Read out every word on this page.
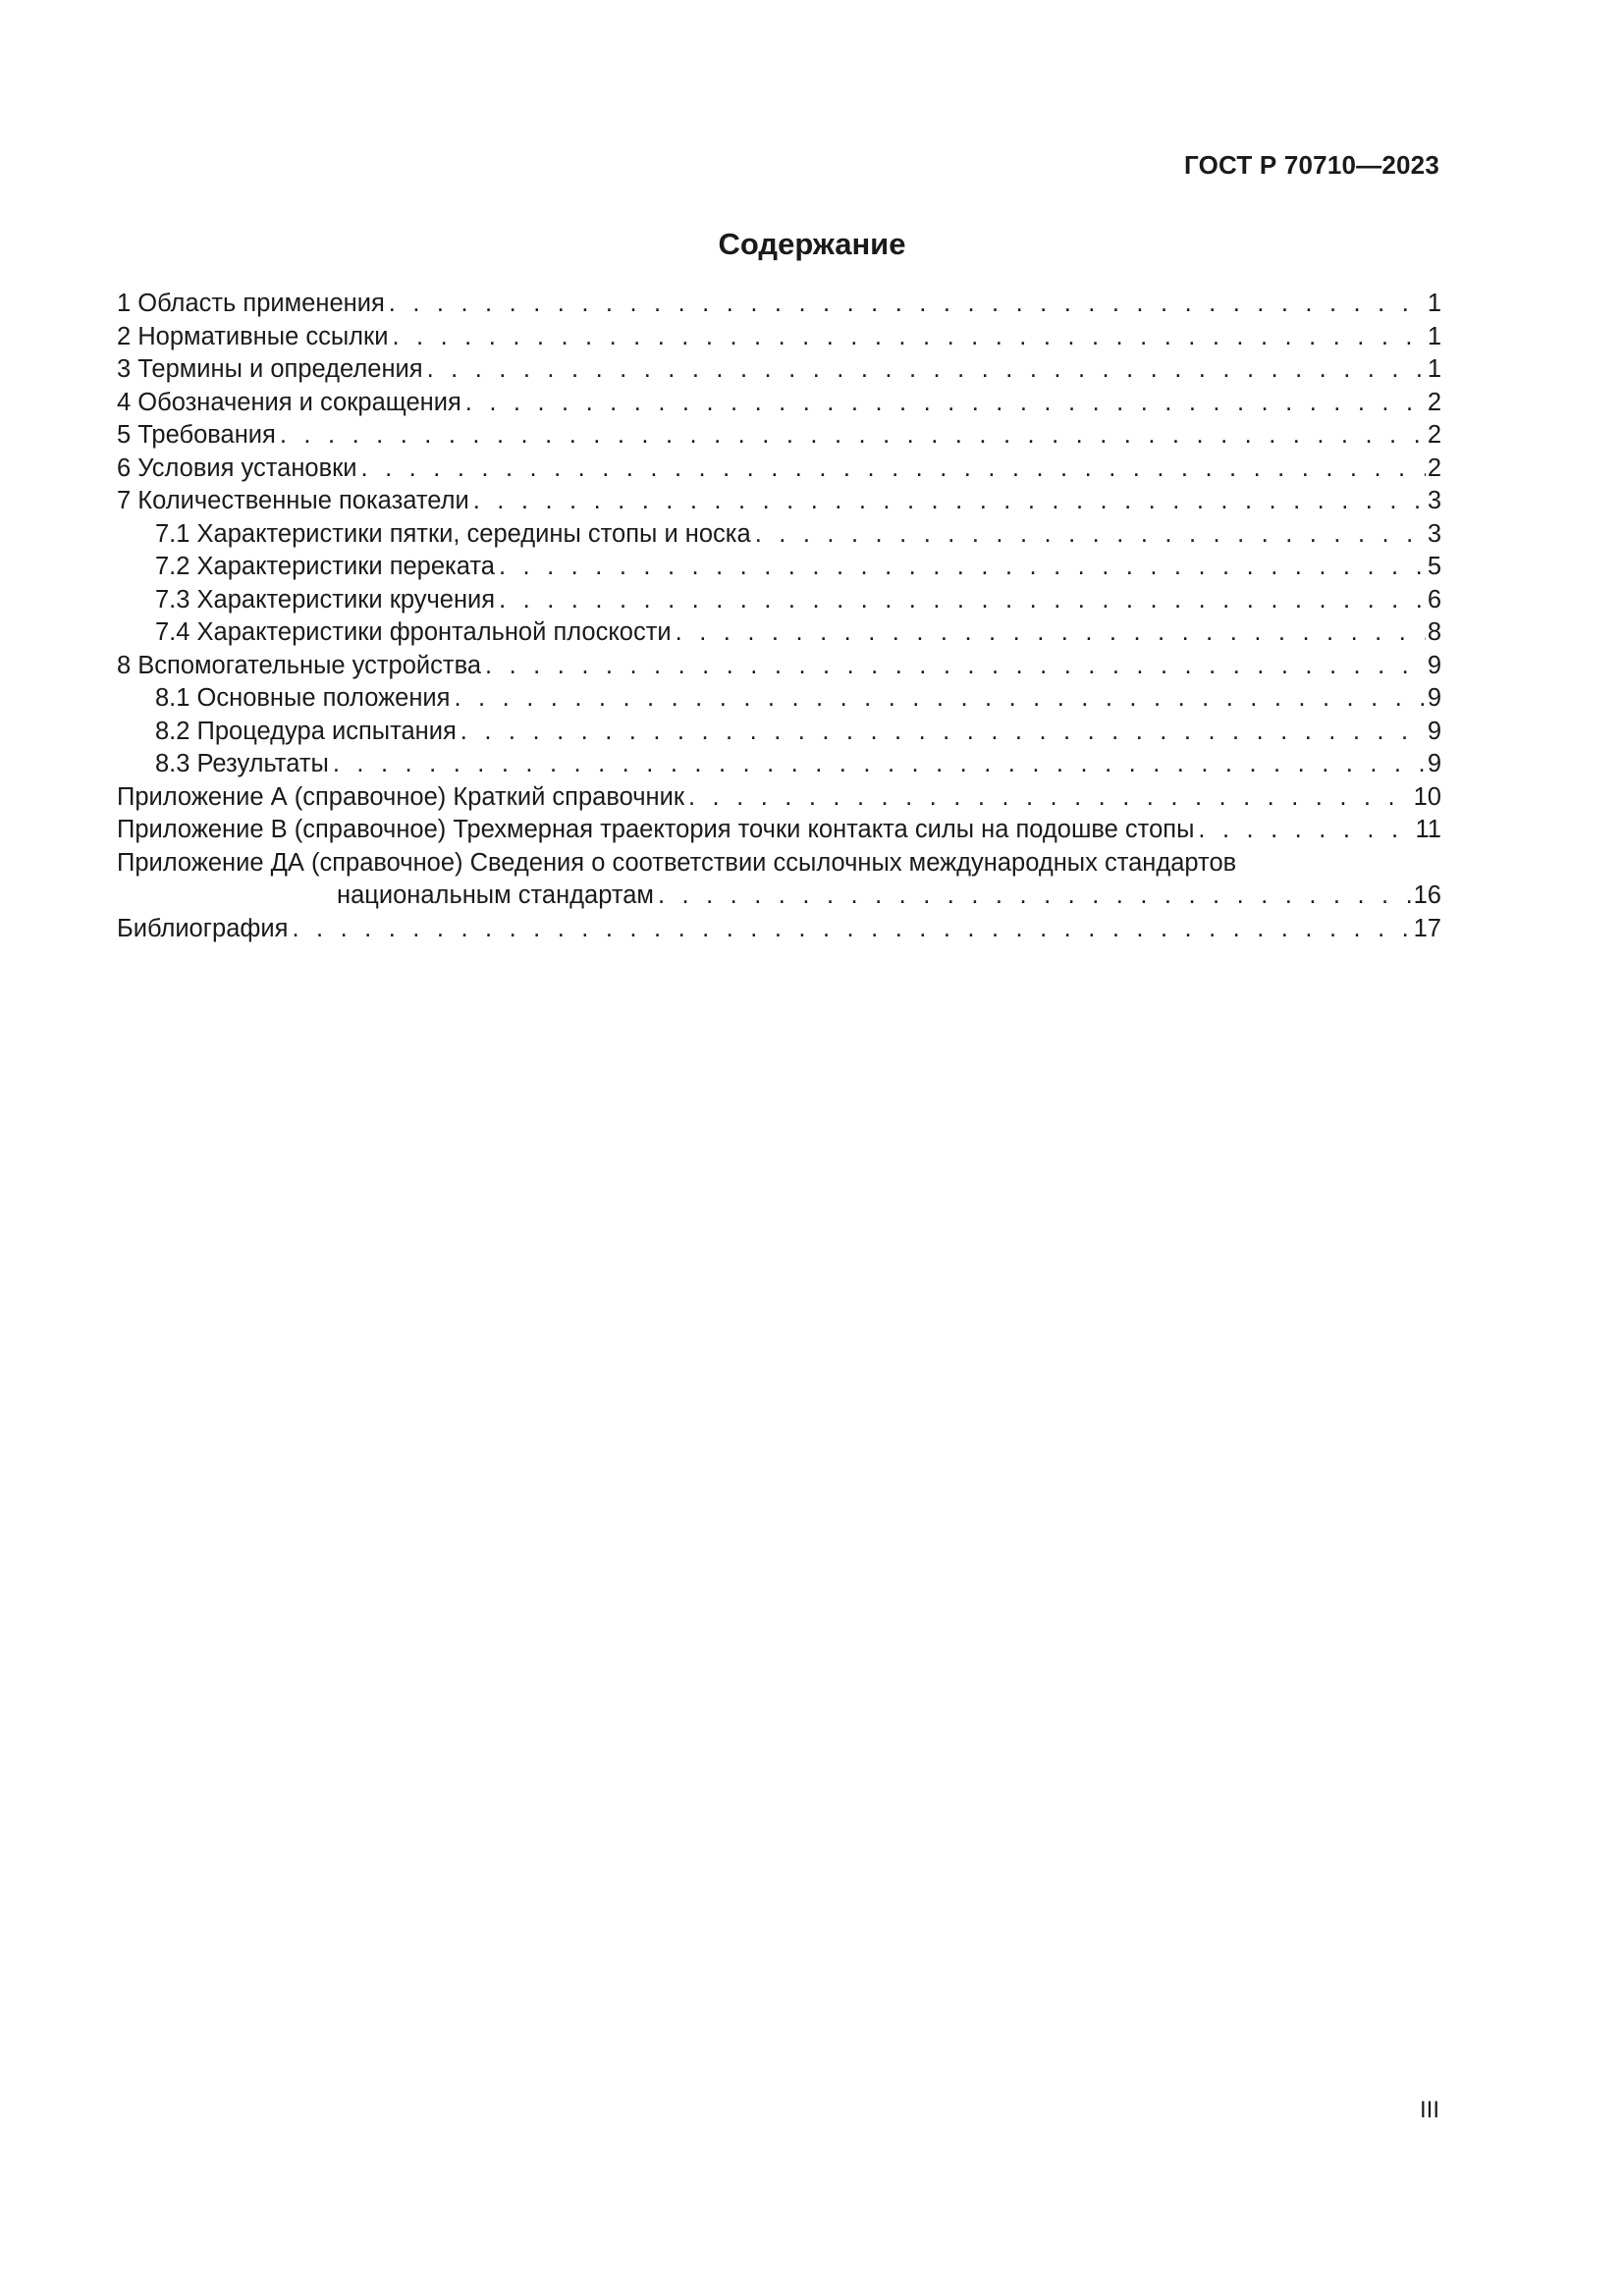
ГОСТ Р 70710—2023
Содержание
1 Область применения . . .	1
2 Нормативные ссылки . . .	1
3 Термины и определения . . .	1
4 Обозначения и сокращения . . .	2
5 Требования . . .	2
6 Условия установки . . .	2
7 Количественные показатели . . .	3
7.1 Характеристики пятки, середины стопы и носка . . .	3
7.2 Характеристики переката . . .	5
7.3 Характеристики кручения . . .	6
7.4 Характеристики фронтальной плоскости . . .	8
8 Вспомогательные устройства . . .	9
8.1 Основные положения . . .	9
8.2 Процедура испытания . . .	9
8.3 Результаты . . .	9
Приложение А (справочное) Краткий справочник . . .	10
Приложение В (справочное) Трехмерная траектория точки контакта силы на подошве стопы . . .	11
Приложение ДА (справочное) Сведения о соответствии ссылочных международных стандартов
национальным стандартам . . .	16
Библиография . . .	17
III
